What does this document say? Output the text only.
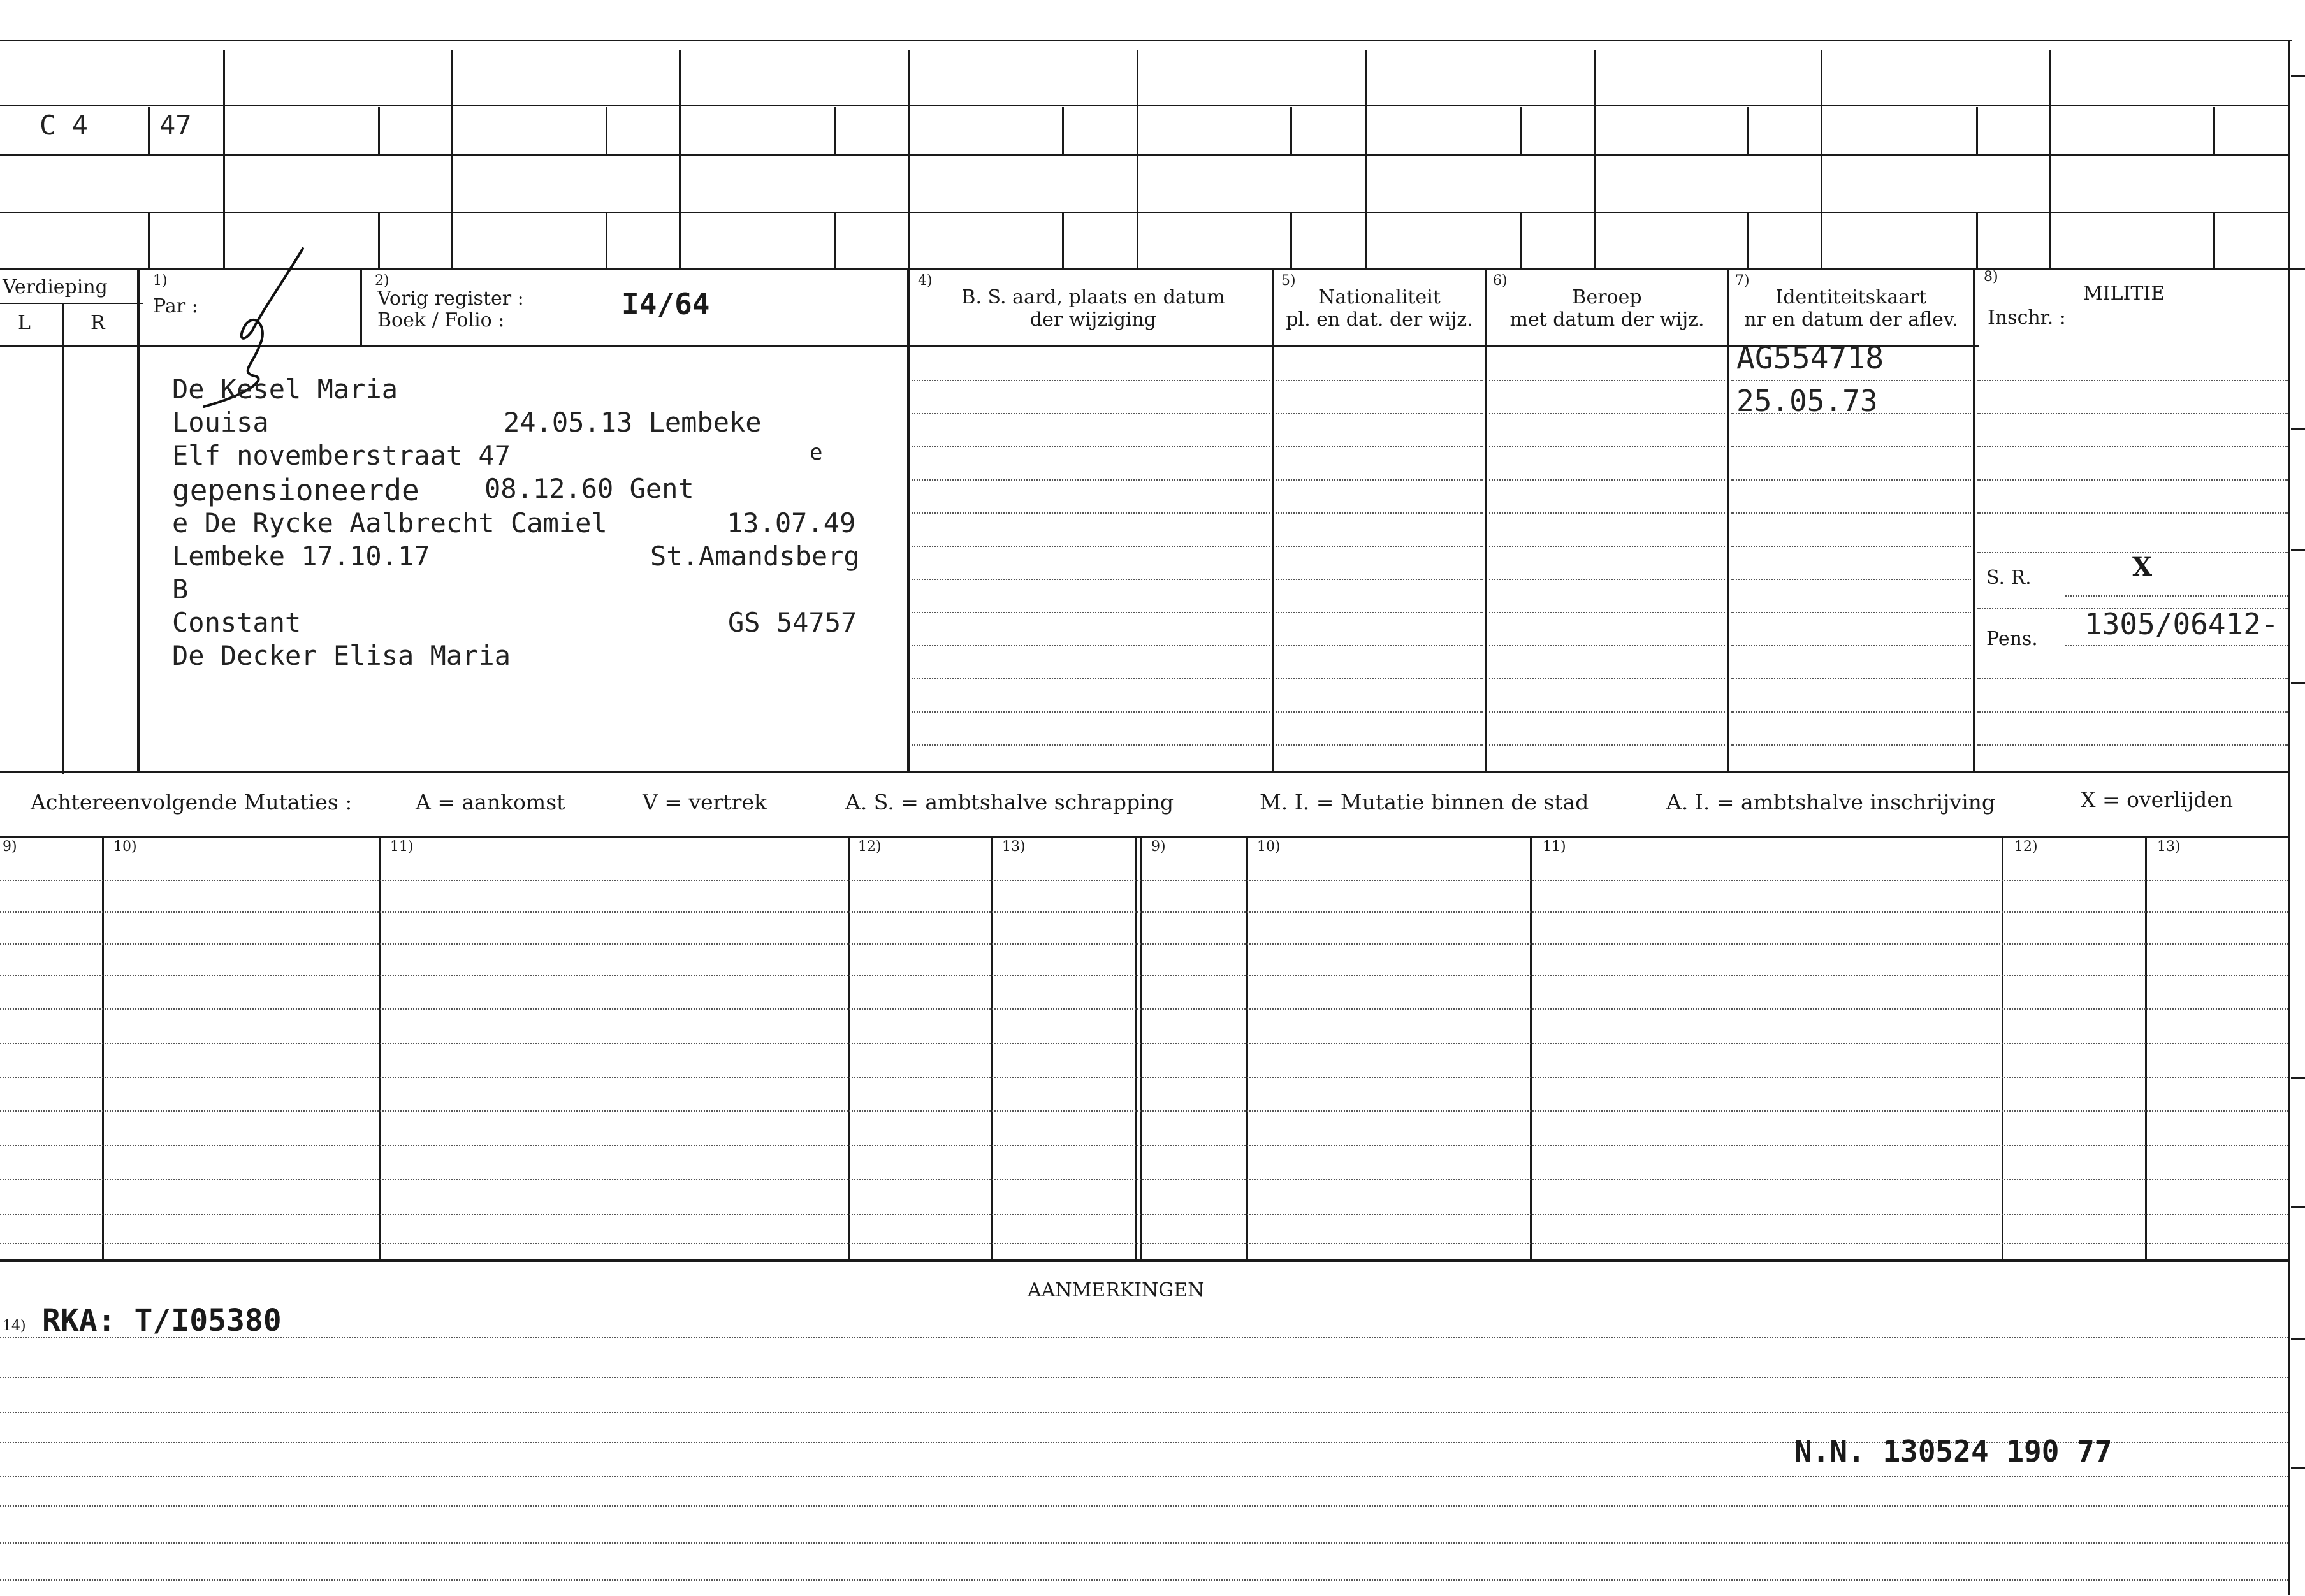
C 4	47
Verdieping
L	R
1)
Par :
2)
Vorig register :
Boek / Folio :	I4/64
4)
B. S. aard, plaats en datum
der wijziging
5)
Nationaliteit
pl. en dat. der wijz.
6)
Beroep
met datum der wijz.
7)
Identiteitskaart
nr en datum der aflev.
8)
MILITIE
Inschr. :
De Kesel Maria
Louisa	24.05.13 Lembeke
Elf novemberstraat 47	e
gepensioneerde 08.12.60 Gent
e De Rycke Aalbrecht Camiel	13.07.49
Lembeke 17.10.17	St.Amandsberg
B
Constant	GS 54757
De Decker Elisa Maria
AG554718
25.05.73
S. R.	X
Pens. 1305/06412-
Achtereenvolgende Mutaties :	A = aankomst	V = vertrek	A. S. = ambtshalve schrapping	M. I. = Mutatie binnen de stad	A. I. = ambtshalve inschrijving	X = overlijden
9)	10)	11)	12)	13)	9)	10)	11)	12)	13)
AANMERKINGEN
14) RKA: T/I05380
N.N. 130524 190 77
